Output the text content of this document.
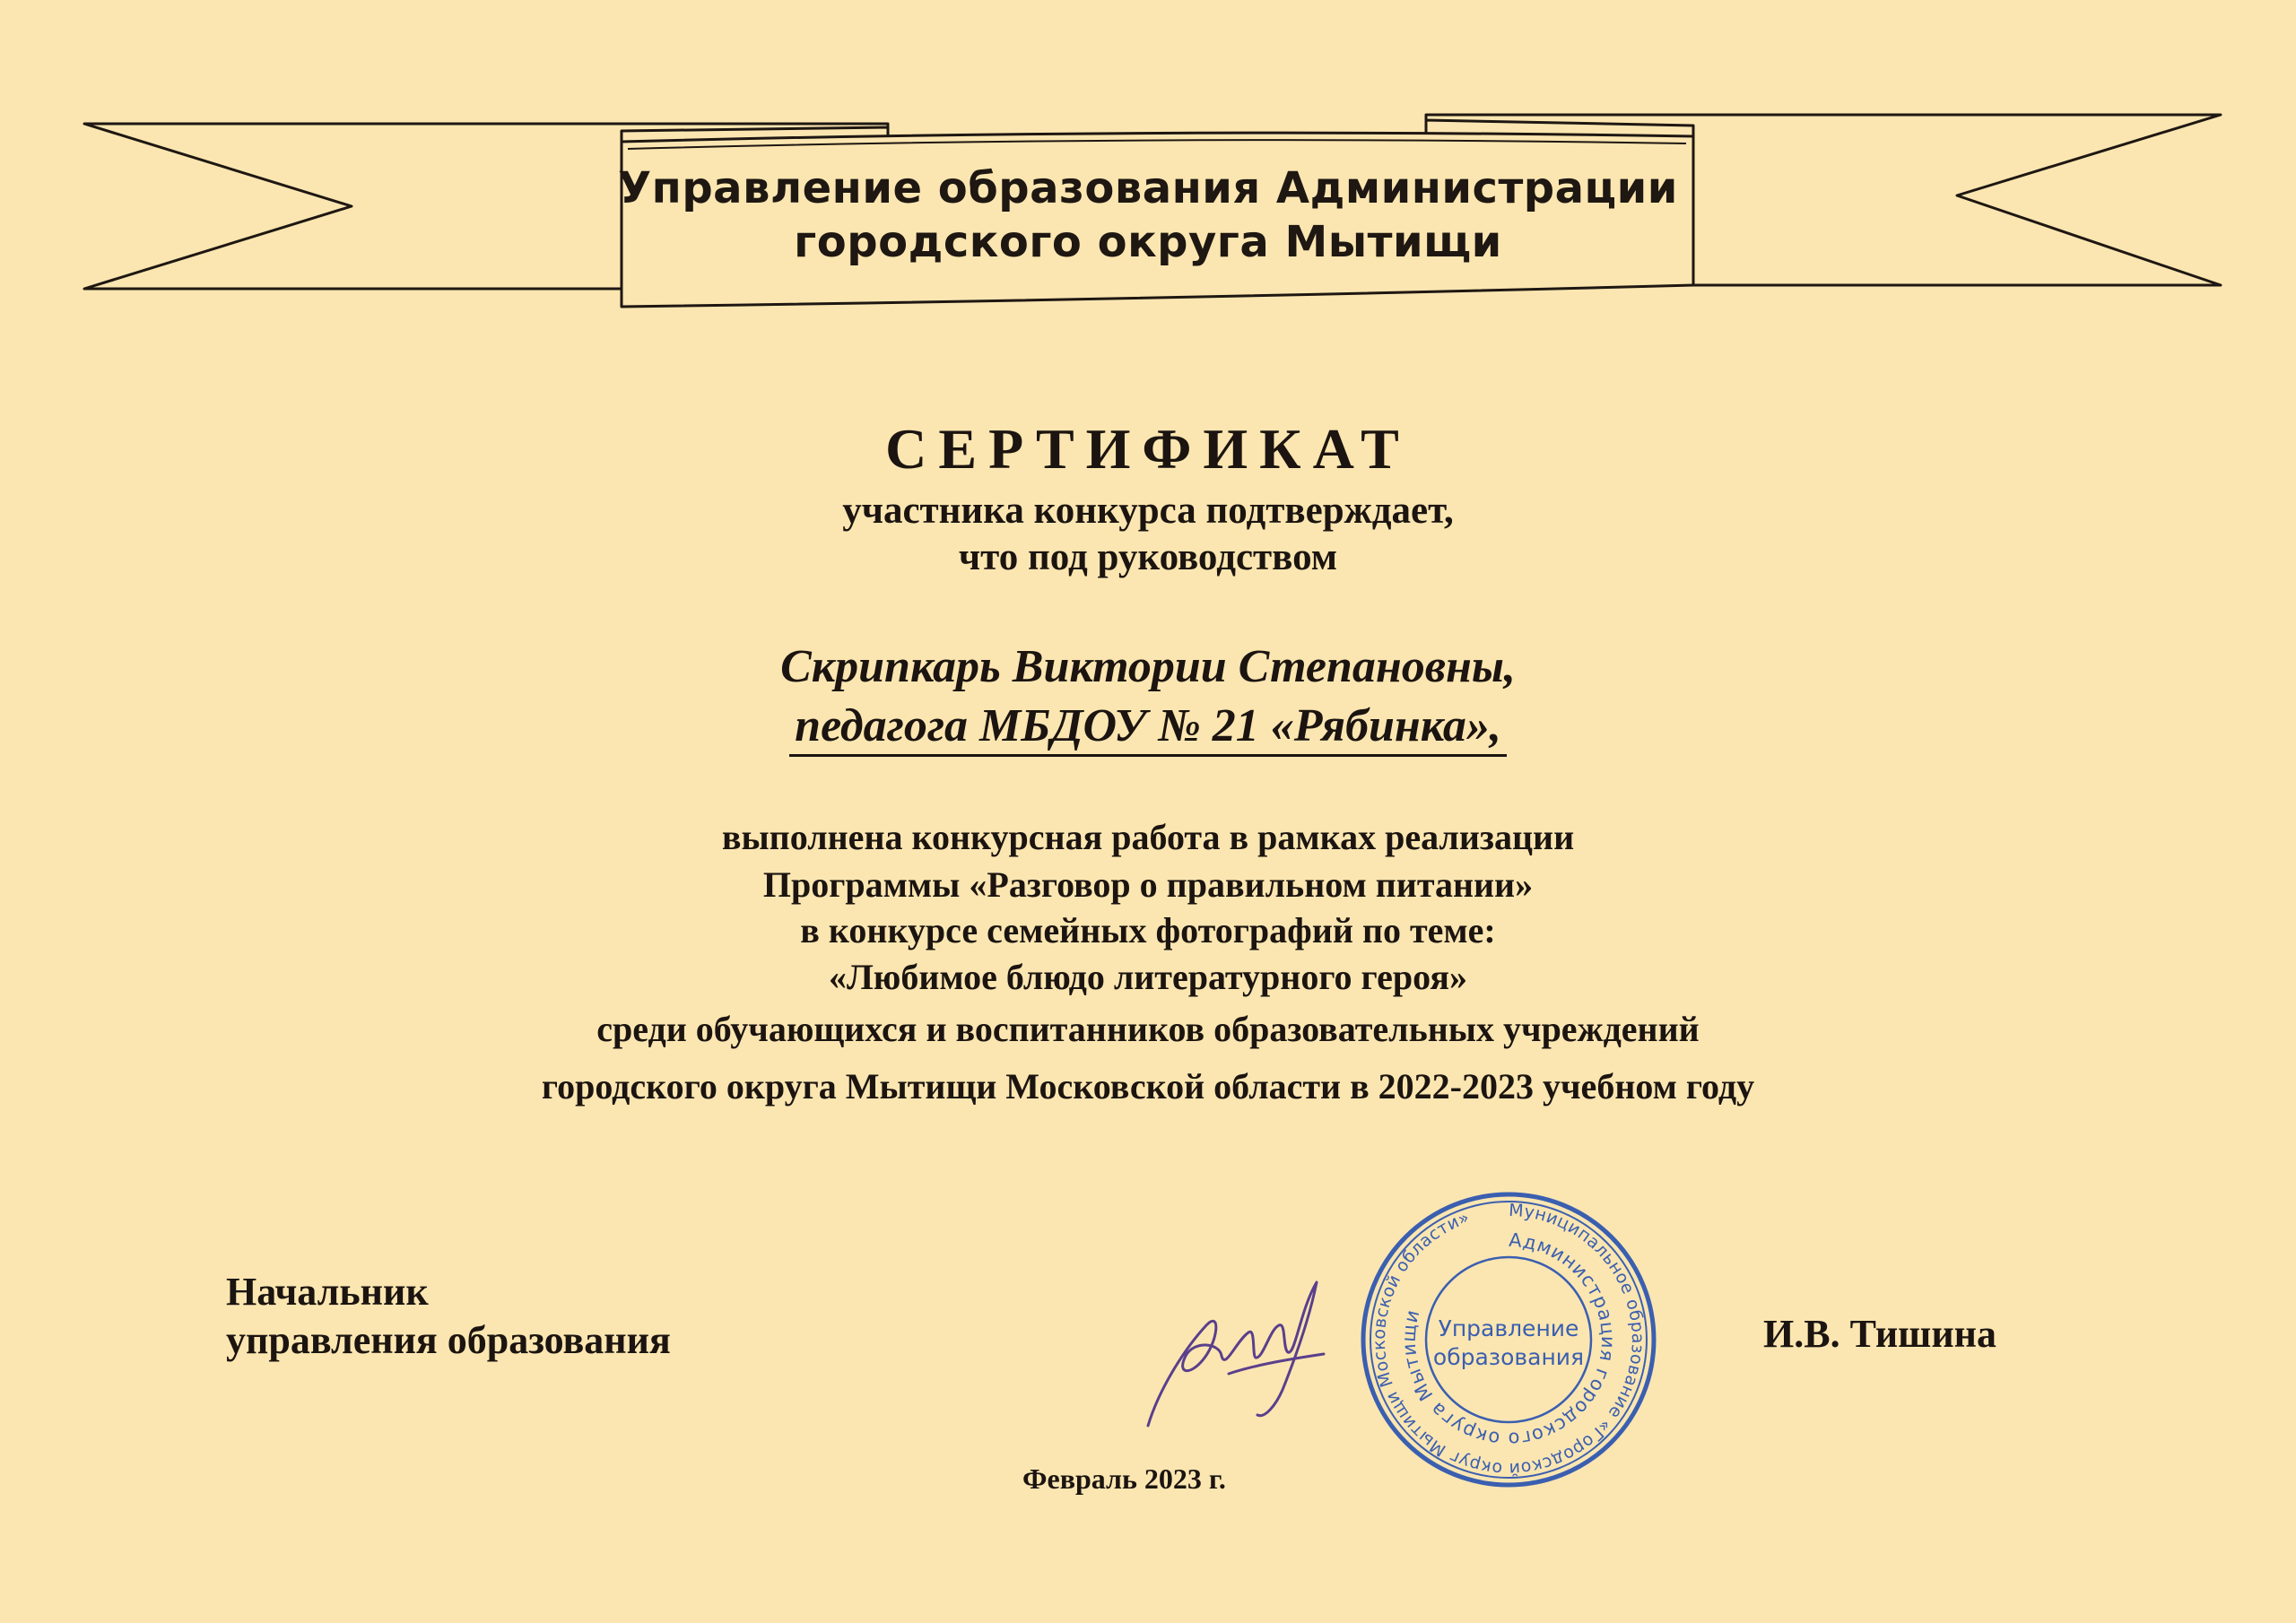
Управление образования Администрации
городского округа Мытищи
СЕРТИФИКАТ
участника конкурса подтверждает,
что под руководством
Скрипкарь Виктории Степановны,
педагога МБДОУ № 21 «Рябинка»,
выполнена конкурсная работа в рамках реализации
Программы «Разговор о правильном питании»
в конкурсе семейных фотографий по теме:
«Любимое блюдо литературного героя»
среди обучающихся и воспитанников образовательных учреждений
городского округа Мытищи Московской области в 2022-2023 учебном году
Начальник
управления образования
Муниципальное образование «Городской округ Мытищи Московской области»
Администрация городского округа Мытищи Управление
образования
И.В. Тишина
Февраль 2023 г.
